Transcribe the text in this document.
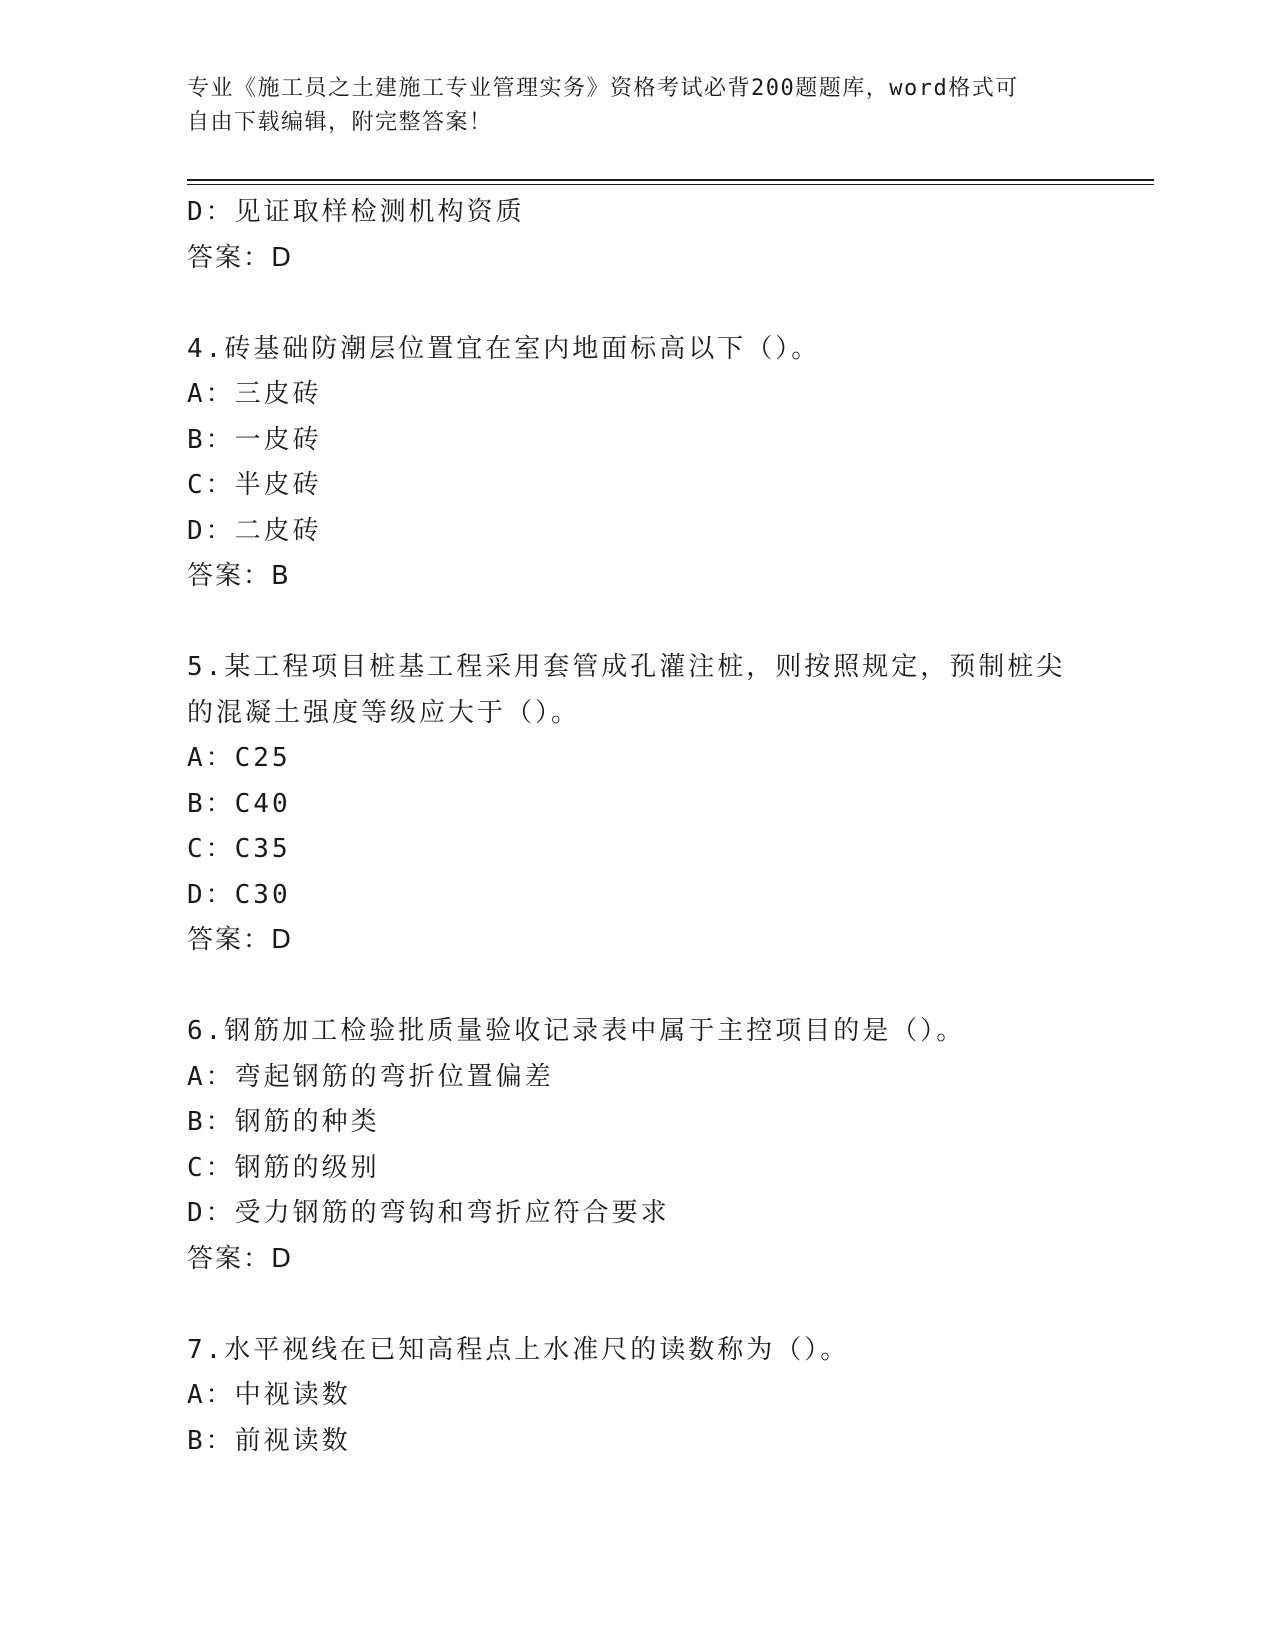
专业《施工员之土建施工专业管理实务》资格考试必背200题题库，word格式可
自由下载编辑，附完整答案！
D：见证取样检测机构资质
答案：D
4.砖基础防潮层位置宜在室内地面标高以下（）。
A：三皮砖
B：一皮砖
C：半皮砖
D：二皮砖
答案：B
5.某工程项目桩基工程采用套管成孔灌注桩，则按照规定，预制桩尖
的混凝土强度等级应大于（）。
A：C25
B：C40
C：C35
D：C30
答案：D
6.钢筋加工检验批质量验收记录表中属于主控项目的是（）。
A：弯起钢筋的弯折位置偏差
B：钢筋的种类
C：钢筋的级别
D：受力钢筋的弯钩和弯折应符合要求
答案：D
7.水平视线在已知高程点上水准尺的读数称为（）。
A：中视读数
B：前视读数
